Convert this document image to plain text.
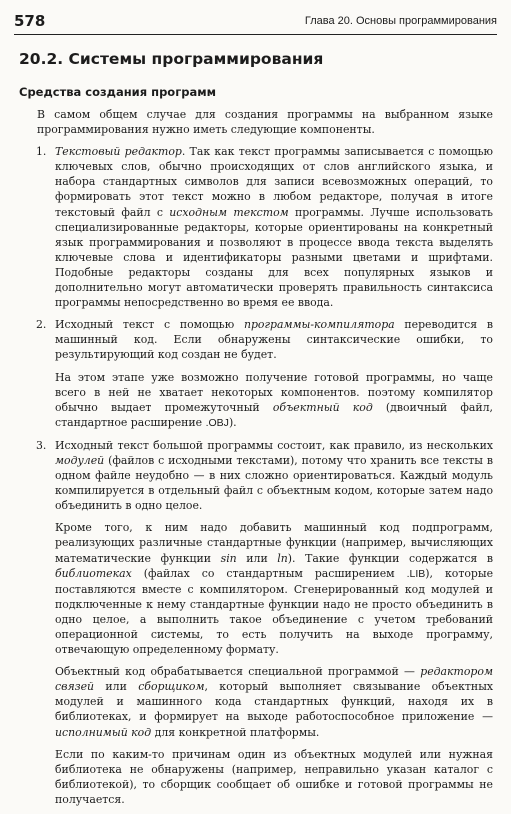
578	Глава 20. Основы программирования
20.2. Системы программирования
Средства создания программ

В самом общем случае для создания программы на выбранном языке программирования нужно иметь следующие компоненты.

1. Текстовый редактор. Так как текст программы записывается с помощью ключевых слов, обычно происходящих от слов английского языка, и набора стандартных символов для записи всевозможных операций, то формировать этот текст можно в любом редакторе, получая в итоге текстовый файл с исходным текстом программы. Лучше использовать специализированные редакторы, которые ориентированы на конкретный язык программирования и позволяют в процессе ввода текста выделять ключевые слова и идентификаторы разными цветами и шрифтами. Подобные редакторы созданы для всех популярных языков и дополнительно могут автоматически проверять правильность синтаксиса программы непосредственно во время ее ввода.
2. Исходный текст с помощью программы-компилятора переводится в машинный код. Если обнаружены синтаксические ошибки, то результирующий код создан не будет.

На этом этапе уже возможно получение готовой программы, но чаще всего в ней не хватает некоторых компонентов. поэтому компилятор обычно выдает промежуточный объектный код (двоичный файл, стандартное расширение .OBJ).

3. Исходный текст большой программы состоит, как правило, из нескольких модулей (файлов с исходными текстами), потому что хранить все тексты в одном файле неудобно — в них сложно ориентироваться. Каждый модуль компилируется в отдельный файл с объектным кодом, которые затем надо объединить в одно целое.

Кроме того, к ним надо добавить машинный код подпрограмм, реализующих различные стандартные функции (например, вычисляющих математические функции sin или ln). Такие функции содержатся в библиотеках (файлах со стандартным расширением .LIB), которые поставляются вместе с компилятором. Сгенерированный код модулей и подключенные к нему стандартные функции надо не просто объединить в одно целое, а выполнить такое объединение с учетом требований операционной системы, то есть получить на выходе программу, отвечающую определенному формату.

Объектный код обрабатывается специальной программой — редактором связей или сборщиком, который выполняет связывание объектных модулей и машинного кода стандартных функций, находя их в библиотеках, и формирует на выходе работоспособное приложение — исполнимый код для конкретной платформы.

Если по каким-то причинам один из объектных модулей или нужная библиотека не обнаружены (например, неправильно указан каталог с библиотекой), то сборщик сообщает об ошибке и готовой программы не получается.
